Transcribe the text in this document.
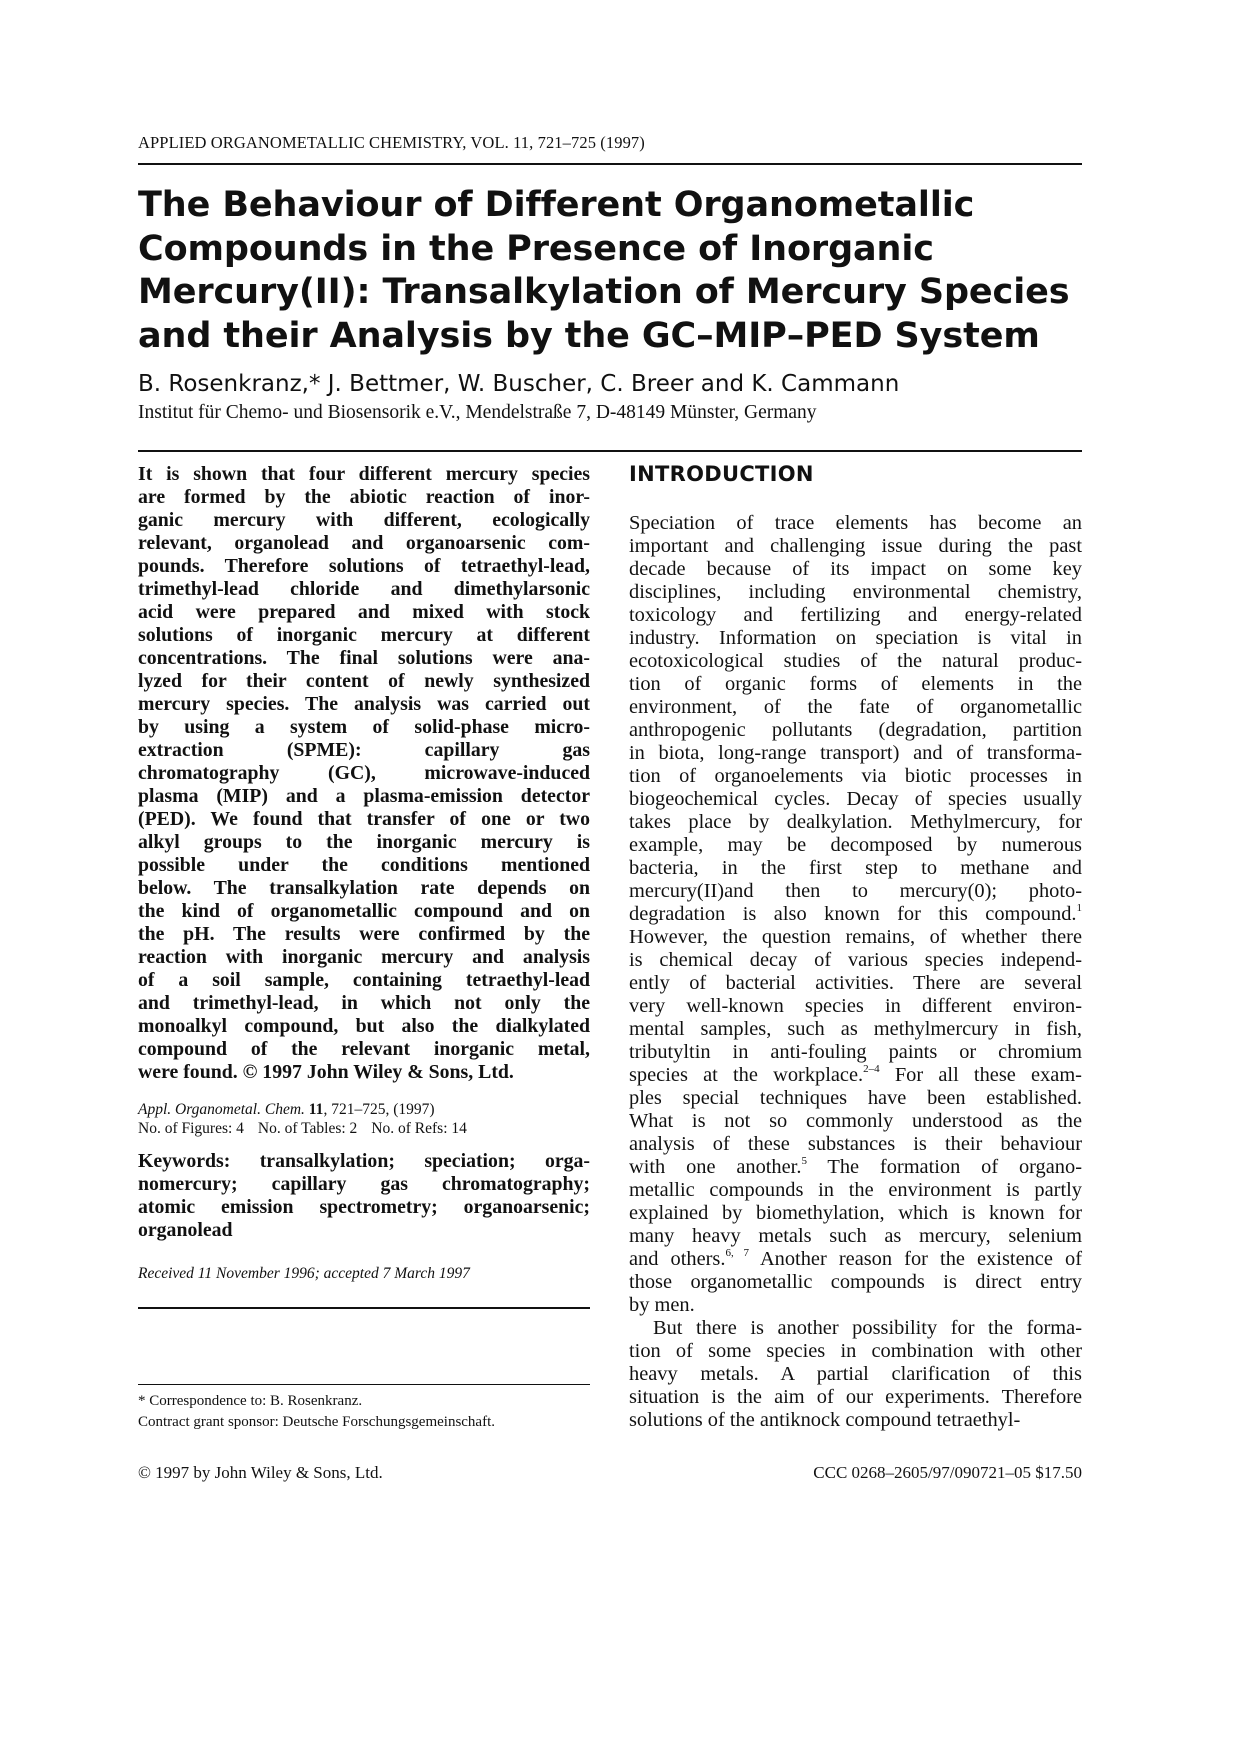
APPLIED ORGANOMETALLIC CHEMISTRY, VOL. 11, 721–725 (1997)
The Behaviour of Different Organometallic
Compounds in the Presence of Inorganic
Mercury(II): Transalkylation of Mercury Species
and their Analysis by the GC–MIP–PED System
B. Rosenkranz,* J. Bettmer, W. Buscher, C. Breer and K. Cammann
Institut für Chemo- und Biosensorik e.V., Mendelstraße 7, D-48149 Münster, Germany
It is shown that four different mercury species
are formed by the abiotic reaction of inor-
ganic mercury with different, ecologically
relevant, organolead and organoarsenic com-
pounds. Therefore solutions of tetraethyl-lead,
trimethyl-lead chloride and dimethylarsonic
acid were prepared and mixed with stock
solutions of inorganic mercury at different
concentrations. The final solutions were ana-
lyzed for their content of newly synthesized
mercury species. The analysis was carried out
by using a system of solid-phase micro-
extraction (SPME): capillary gas
chromatography (GC), microwave-induced
plasma (MIP) and a plasma-emission detector
(PED). We found that transfer of one or two
alkyl groups to the inorganic mercury is
possible under the conditions mentioned
below. The transalkylation rate depends on
the kind of organometallic compound and on
the pH. The results were confirmed by the
reaction with inorganic mercury and analysis
of a soil sample, containing tetraethyl-lead
and trimethyl-lead, in which not only the
monoalkyl compound, but also the dialkylated
compound of the relevant inorganic metal,
were found. © 1997 John Wiley & Sons, Ltd.
Appl. Organometal. Chem. 11, 721–725, (1997)
No. of Figures: 4 No. of Tables: 2 No. of Refs: 14
Keywords: transalkylation; speciation; orga-
nomercury; capillary gas chromatography;
atomic emission spectrometry; organoarsenic;
organolead
Received 11 November 1996; accepted 7 March 1997
* Correspondence to: B. Rosenkranz.
Contract grant sponsor: Deutsche Forschungsgemeinschaft.
INTRODUCTION
Speciation of trace elements has become an
important and challenging issue during the past
decade because of its impact on some key
disciplines, including environmental chemistry,
toxicology and fertilizing and energy-related
industry. Information on speciation is vital in
ecotoxicological studies of the natural produc-
tion of organic forms of elements in the
environment, of the fate of organometallic
anthropogenic pollutants (degradation, partition
in biota, long-range transport) and of transforma-
tion of organoelements via biotic processes in
biogeochemical cycles. Decay of species usually
takes place by dealkylation. Methylmercury, for
example, may be decomposed by numerous
bacteria, in the first step to methane and
mercury(II)and then to mercury(0); photo-
degradation is also known for this compound.$^1$
However, the question remains, of whether there
is chemical decay of various species independ-
ently of bacterial activities. There are several
very well-known species in different environ-
mental samples, such as methylmercury in fish,
tributyltin in anti-fouling paints or chromium
species at the workplace.$^{2-4}$ For all these exam-
ples special techniques have been established.
What is not so commonly understood as the
analysis of these substances is their behaviour
with one another.$^5$ The formation of organo-
metallic compounds in the environment is partly
explained by biomethylation, which is known for
many heavy metals such as mercury, selenium
and others.$^{6, 7}$ Another reason for the existence of
those organometallic compounds is direct entry
by men.
But there is another possibility for the forma-
tion of some species in combination with other
heavy metals. A partial clarification of this
situation is the aim of our experiments. Therefore
solutions of the antiknock compound tetraethyl-
© 1997 by John Wiley & Sons, Ltd.	CCC 0268–2605/97/090721–05 $17.50
